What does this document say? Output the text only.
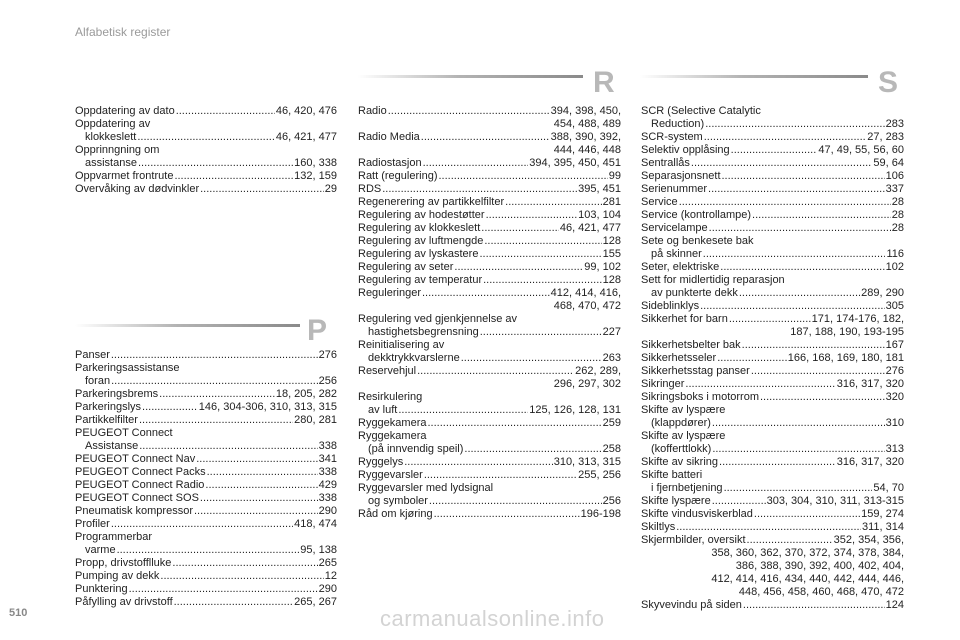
Alfabetisk register
P
R	S
Oppdatering av dato .....	46, 420, 476
Oppdatering av
klokkeslett .....	46, 421, 477
Opprinngning om
assistanse .....	160, 338
Oppvarmet frontrute .....	132, 159
Overvåking av dødvinkler .....	29
Panser .....	276
Parkeringsassistanse
foran .....	256
Parkeringsbrems .....	18, 205, 282
Parkeringslys .....	146, 304-306, 310, 313, 315
Partikkelfilter .....	280, 281
PEUGEOT Connect
Assistanse .....	338
PEUGEOT Connect Nav .....	341
PEUGEOT Connect Packs .....	338
PEUGEOT Connect Radio .....	429
PEUGEOT Connect SOS .....	338
Pneumatisk kompressor .....	290
Profiler .....	418, 474
Programmerbar
varme .....	95, 138
Propp, drivstofflluke .....	265
Pumping av dekk .....	12
Punktering .....	290
Påfylling av drivstoff .....	265, 267
Radio .....	394, 398, 450,
454, 488, 489
Radio Media .....	388, 390, 392,
444, 446, 448
Radiostasjon .....	394, 395, 450, 451
Ratt (regulering) .....	99
RDS .....	395, 451
Regenerering av partikkelfilter .....	281
Regulering av hodestøtter .....	103, 104
Regulering av klokkeslett .....	46, 421, 477
Regulering av luftmengde .....	128
Regulering av lyskastere .....	155
Regulering av seter .....	99, 102
Regulering av temperatur .....	128
Reguleringer .....	412, 414, 416,
468, 470, 472
Regulering ved gjenkjennelse av
hastighetsbegrensning .....	227
Reinitialisering av
dekktrykkvarslerne .....	263
Reservehjul .....	262, 289,
296, 297, 302
Resirkulering
av luft .....	125, 126, 128, 131
Ryggekamera .....	259
Ryggekamera
(på innvendig speil) .....	258
Ryggelys .....	310, 313, 315
Ryggevarsler .....	255, 256
Ryggevarsler med lydsignal
og symboler .....	256
Råd om kjøring .....	196-198
SCR (Selective Catalytic
Reduction) .....	283
SCR-system .....	27, 283
Selektiv opplåsing .....	47, 49, 55, 56, 60
Sentrallås .....	59, 64
Separasjonsnett .....	106
Serienummer .....	337
Service .....	28
Service (kontrollampe) .....	28
Servicelampe .....	28
Sete og benkesete bak
på skinner .....	116
Seter, elektriske .....	102
Sett for midlertidig reparasjon
av punkterte dekk .....	289, 290
Sideblinklys .....	305
Sikkerhet for barn .....	171, 174-176, 182,
187, 188, 190, 193-195
Sikkerhetsbelter bak .....	167
Sikkerhetsseler .....	166, 168, 169, 180, 181
Sikkerhetsstag panser .....	276
Sikringer .....	316, 317, 320
Sikringsboks i motorrom .....	320
Skifte av lyspære
(klappdører) .....	310
Skifte av lyspære
(kofferttlokk) .....	313
Skifte av sikring .....	316, 317, 320
Skifte batteri
i fjernbetjening .....	54, 70
Skifte lyspære .....	303, 304, 310, 311, 313-315
Skifte vindusviskerblad .....	159, 274
Skiltlys .....	311, 314
Skjermbilder, oversikt .....	352, 354, 356,
358, 360, 362, 370, 372, 374, 378, 384,
386, 388, 390, 392, 400, 402, 404,
412, 414, 416, 434, 440, 442, 444, 446,
448, 456, 458, 460, 468, 470, 472
Skyvevindu på siden .....	124
510	carmanualsonline.info
